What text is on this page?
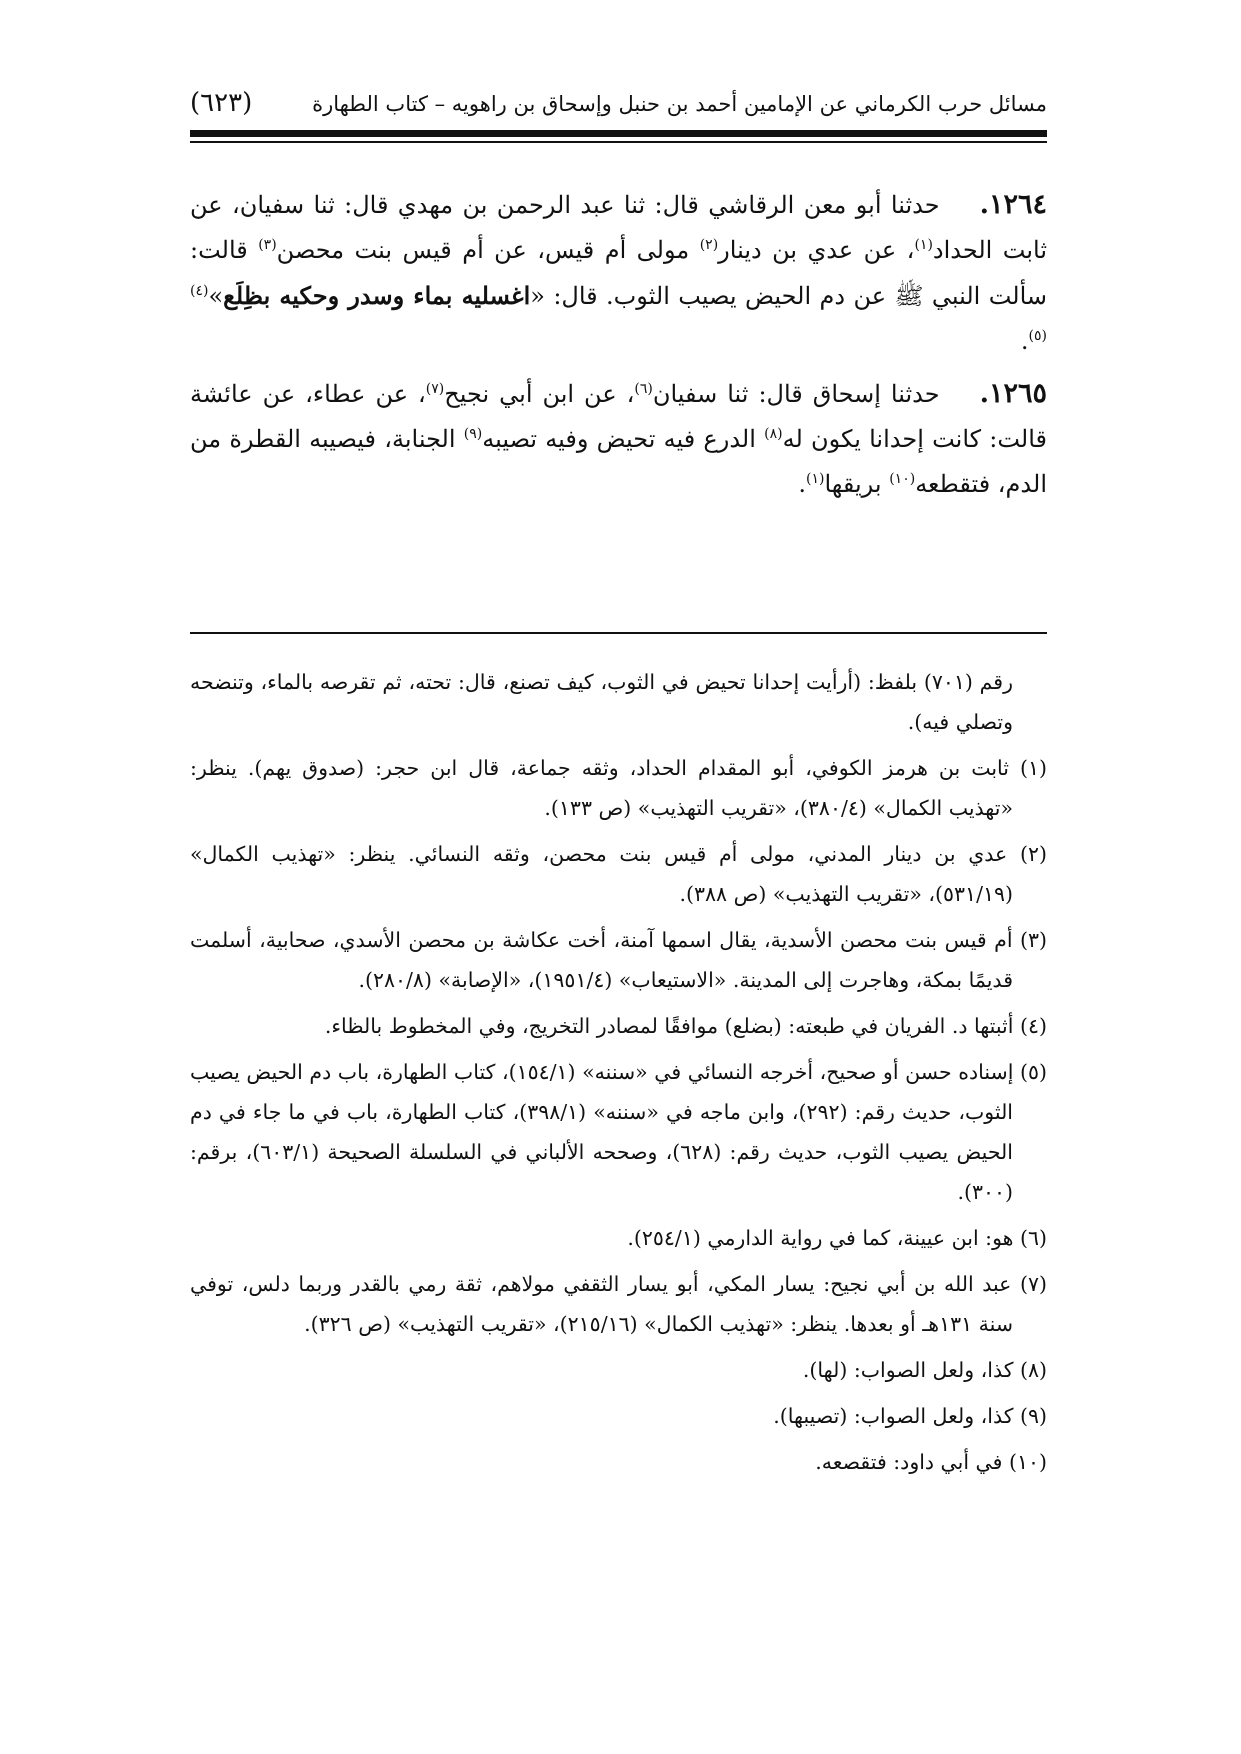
مسائل حرب الكرماني عن الإمامين أحمد بن حنبل وإسحاق بن راهويه – كتاب الطهارة
(٦٢٣)

١٢٦٤.حدثنا أبو معن الرقاشي قال: ثنا عبد الرحمن بن مهدي قال: ثنا سفيان، عن ثابت الحداد$^{(١)}$، عن عدي بن دينار$^{(٢)}$ مولى أم قيس، عن أم قيس بنت محصن$^{(٣)}$ قالت: سألت النبي ﷺ عن دم الحيض يصيب الثوب. قال: «اغسليه بماء وسدر وحكيه بظِلَع»$^{(٤)(٥)}$.

١٢٦٥.حدثنا إسحاق قال: ثنا سفيان$^{(٦)}$، عن ابن أبي نجيح$^{(٧)}$، عن عطاء، عن عائشة قالت: كانت إحدانا يكون له$^{(٨)}$ الدرع فيه تحيض وفيه تصيبه$^{(٩)}$ الجنابة، فيصيبه القطرة من الدم، فتقطعه$^{(١٠)}$ بريقها$^{(١)}$.

رقم (٧٠١) بلفظ: (أرأيت إحدانا تحيض في الثوب، كيف تصنع، قال: تحته، ثم تقرصه بالماء، وتنضحه وتصلي فيه).

(١) ثابت بن هرمز الكوفي، أبو المقدام الحداد، وثقه جماعة، قال ابن حجر: (صدوق يهم). ينظر: «تهذيب الكمال» (٣٨٠/٤)، «تقريب التهذيب» (ص ١٣٣).

(٢) عدي بن دينار المدني، مولى أم قيس بنت محصن، وثقه النسائي. ينظر: «تهذيب الكمال» (٥٣١/١٩)، «تقريب التهذيب» (ص ٣٨٨).

(٣) أم قيس بنت محصن الأسدية، يقال اسمها آمنة، أخت عكاشة بن محصن الأسدي، صحابية، أسلمت قديمًا بمكة، وهاجرت إلى المدينة. «الاستيعاب» (١٩٥١/٤)، «الإصابة» (٢٨٠/٨).

(٤) أثبتها د. الفريان في طبعته: (بضلع) موافقًا لمصادر التخريج، وفي المخطوط بالظاء.

(٥) إسناده حسن أو صحيح، أخرجه النسائي في «سننه» (١٥٤/١)، كتاب الطهارة، باب دم الحيض يصيب الثوب، حديث رقم: (٢٩٢)، وابن ماجه في «سننه» (٣٩٨/١)، كتاب الطهارة، باب في ما جاء في دم الحيض يصيب الثوب، حديث رقم: (٦٢٨)، وصححه الألباني في السلسلة الصحيحة (٦٠٣/١)، برقم: (٣٠٠).

(٦) هو: ابن عيينة، كما في رواية الدارمي (٢٥٤/١).

(٧) عبد الله بن أبي نجيح: يسار المكي، أبو يسار الثقفي مولاهم، ثقة رمي بالقدر وربما دلس، توفي سنة ١٣١هـ أو بعدها. ينظر: «تهذيب الكمال» (٢١٥/١٦)، «تقريب التهذيب» (ص ٣٢٦).

(٨) كذا، ولعل الصواب: (لها).

(٩) كذا، ولعل الصواب: (تصيبها).

(١٠) في أبي داود: فتقصعه.
